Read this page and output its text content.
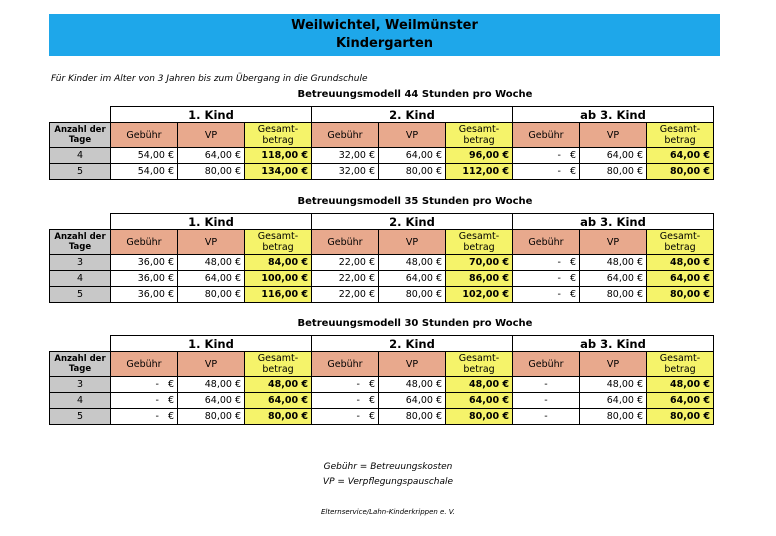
Weilwichtel, Weilmünster
Kindergarten
Für Kinder im Alter von 3 Jahren bis zum Übergang in die Grundschule
Betreuungsmodell 44 Stunden pro Woche
	1. Kind			2. Kind			ab 3. Kind		
Anzahl der Tage	Gebühr	VP	Gesamt-betrag	Gebühr	VP	Gesamt-betrag	Gebühr	VP	Gesamt-betrag
4	54,00 €	64,00 €	118,00 €	32,00 €	64,00 €	96,00 €	-   €	64,00 €	64,00 €
5	54,00 €	80,00 €	134,00 €	32,00 €	80,00 €	112,00 €	-   €	80,00 €	80,00 €
Betreuungsmodell 35 Stunden pro Woche
	1. Kind			2. Kind			ab 3. Kind		
Anzahl der Tage	Gebühr	VP	Gesamt-betrag	Gebühr	VP	Gesamt-betrag	Gebühr	VP	Gesamt-betrag
3	36,00 €	48,00 €	84,00 €	22,00 €	48,00 €	70,00 €	-   €	48,00 €	48,00 €
4	36,00 €	64,00 €	100,00 €	22,00 €	64,00 €	86,00 €	-   €	64,00 €	64,00 €
5	36,00 €	80,00 €	116,00 €	22,00 €	80,00 €	102,00 €	-   €	80,00 €	80,00 €
Betreuungsmodell 30 Stunden pro Woche
	1. Kind			2. Kind			ab 3. Kind		
Anzahl der Tage	Gebühr	VP	Gesamt-betrag	Gebühr	VP	Gesamt-betrag	Gebühr	VP	Gesamt-betrag
3	-   €	48,00 €	48,00 €	-   €	48,00 €	48,00 €	-	48,00 €	48,00 €
4	-   €	64,00 €	64,00 €	-   €	64,00 €	64,00 €	-	64,00 €	64,00 €
5	-   €	80,00 €	80,00 €	-   €	80,00 €	80,00 €	-	80,00 €	80,00 €
Gebühr = Betreuungskosten
VP = Verpflegungspauschale
Elternservice/Lahn-Kinderkrippen e. V.
